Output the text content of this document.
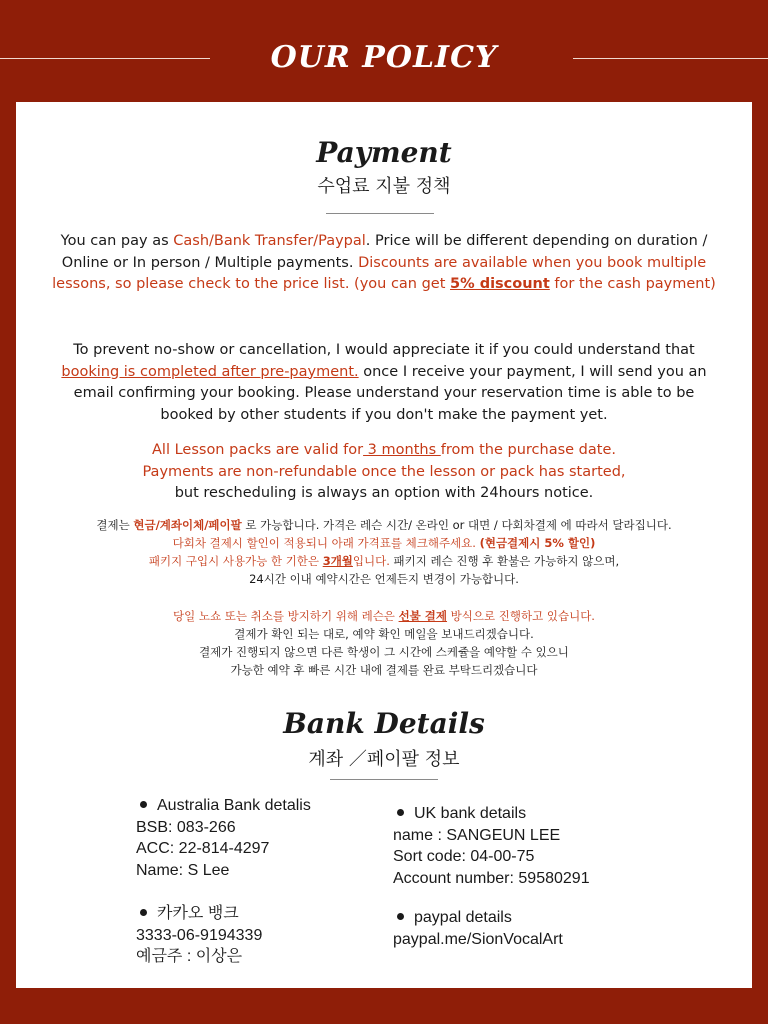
OUR POLICY
Payment
수업료 지불 정책
You can pay as Cash/Bank Transfer/Paypal. Price will be different depending on duration / Online or In person / Multiple payments. Discounts are available when you book multiple lessons, so please check to the price list. (you can get 5% discount for the cash payment)
To prevent no-show or cancellation, I would appreciate it if you could understand that booking is completed after pre-payment. once I receive your payment, I will send you an email confirming your booking. Please understand your reservation time is able to be booked by other students if you don't make the payment yet.
All Lesson packs are valid for 3 months from the purchase date.
Payments are non-refundable once the lesson or pack has started,
but rescheduling is always an option with 24hours notice.
결제는 현금/계좌이체/페이팔 로 가능합니다. 가격은 레슨 시간/ 온라인 or 대면 / 다회차결제 에 따라서 달라집니다.
다회차 결제시 할인이 적용되니 아래 가격표를 체크해주세요. (현금결제시 5% 할인)
패키지 구입시 사용가능 한 기한은 3개월입니다. 패키지 레슨 진행 후 환불은 가능하지 않으며,
24시간 이내 예약시간은 언제든지 변경이 가능합니다.
당일 노쇼 또는 취소를 방지하기 위해 레슨은 선불 결제 방식으로 진행하고 있습니다.
결제가 확인 되는 대로, 예약 확인 메일을 보내드리겠습니다.
결제가 진행되지 않으면 다른 학생이 그 시간에 스케쥴을 예약할 수 있으니
가능한 예약 후 빠른 시간 내에 결제를 완료 부탁드리겠습니다
Bank Details
계좌 ／페이팔 정보
Australia Bank detalis
BSB: 083-266
ACC: 22-814-4297
Name: S Lee
카카오 뱅크
3333-06-9194339
예금주 : 이상은
UK bank details
name : SANGEUN LEE
Sort code: 04-00-75
Account number: 59580291
paypal details
paypal.me/SionVocalArt
